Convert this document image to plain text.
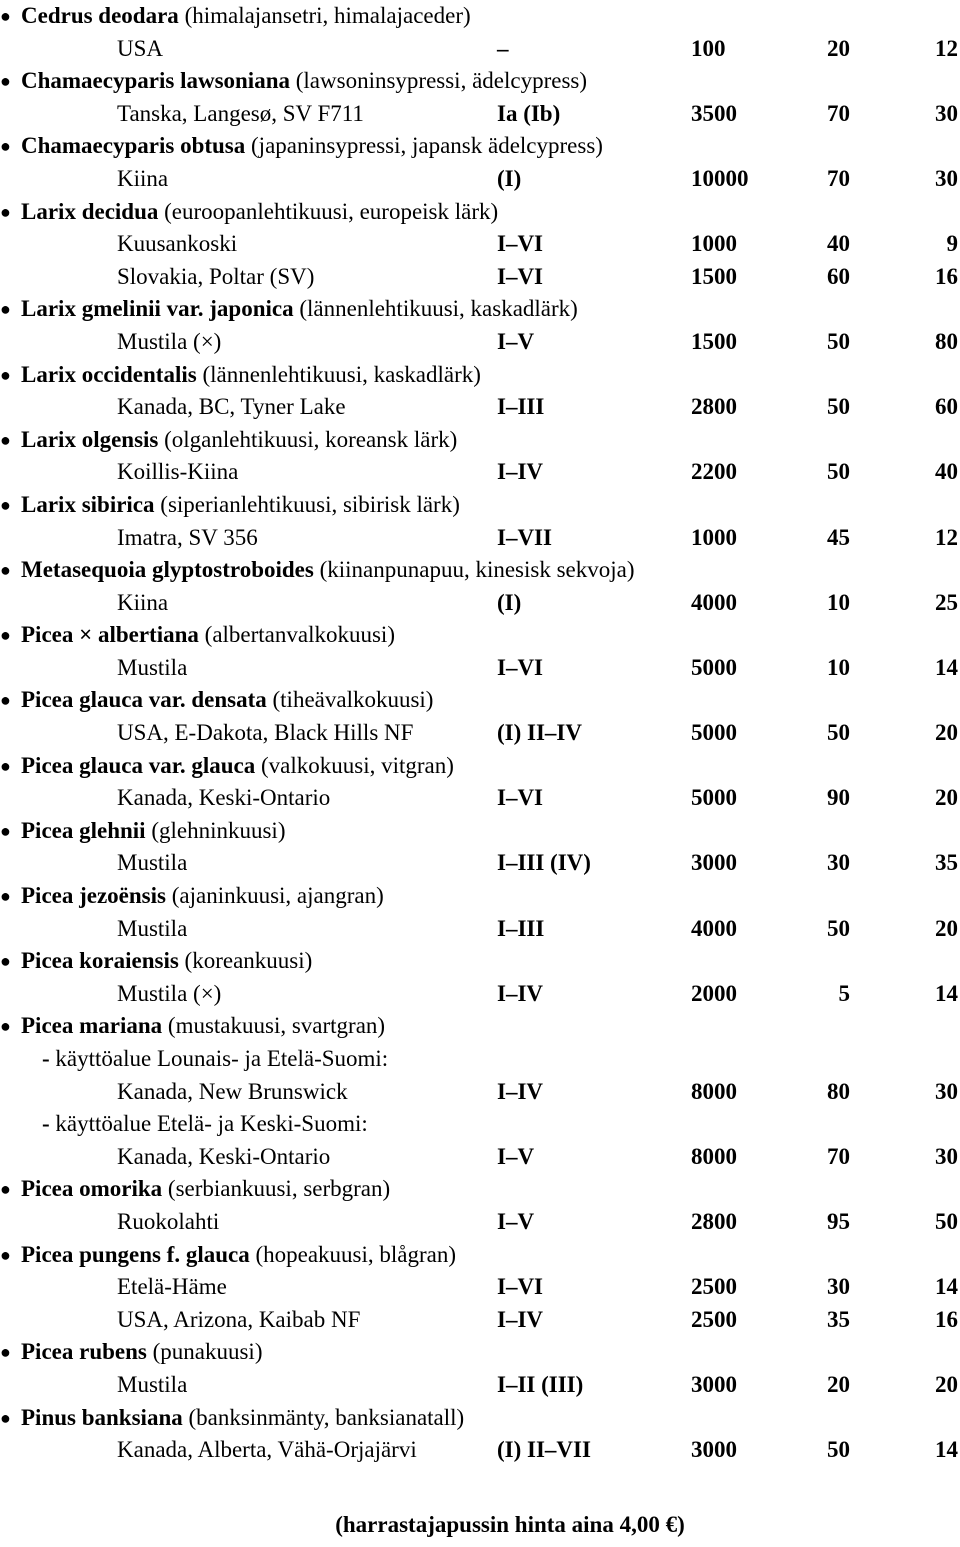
● Cedrus deodara (himalajansetri, himalajaceder)
USA	–	100	20	12
● Chamaecyparis lawsoniana (lawsoninsypressi, ädelcypress)
Tanska, Langesø, SV F711	Ia (Ib)	3500	70	30
● Chamaecyparis obtusa (japaninsypressi, japansk ädelcypress)
Kiina	(I)	10000	70	30
● Larix decidua (euroopanlehtikuusi, europeisk lärk)
Kuusankoski	I–VI	1000	40	9
Slovakia, Poltar (SV)	I–VI	1500	60	16
● Larix gmelinii var. japonica (lännenlehtikuusi, kaskadlärk)
Mustila (×)	I–V	1500	50	80
● Larix occidentalis (lännenlehtikuusi, kaskadlärk)
Kanada, BC, Tyner Lake	I–III	2800	50	60
● Larix olgensis (olganlehtikuusi, koreansk lärk)
Koillis-Kiina	I–IV	2200	50	40
● Larix sibirica (siperianlehtikuusi, sibirisk lärk)
Imatra, SV 356	I–VII	1000	45	12
● Metasequoia glyptostroboides (kiinanpunapuu, kinesisk sekvoja)
Kiina	(I)	4000	10	25
● Picea × albertiana (albertanvalkokuusi)
Mustila	I–VI	5000	10	14
● Picea glauca var. densata (tiheävalkokuusi)
USA, E-Dakota, Black Hills NF	(I) II–IV	5000	50	20
● Picea glauca var. glauca (valkokuusi, vitgran)
Kanada, Keski-Ontario	I–VI	5000	90	20
● Picea glehnii (glehninkuusi)
Mustila	I–III (IV)	3000	30	35
● Picea jezoënsis (ajaninkuusi, ajangran)
Mustila	I–III	4000	50	20
● Picea koraiensis (koreankuusi)
Mustila (×)	I–IV	2000	5	14
● Picea mariana (mustakuusi, svartgran)
- käyttöalue Lounais- ja Etelä-Suomi:
Kanada, New Brunswick	I–IV	8000	80	30
- käyttöalue Etelä- ja Keski-Suomi:
Kanada, Keski-Ontario	I–V	8000	70	30
● Picea omorika (serbiankuusi, serbgran)
Ruokolahti	I–V	2800	95	50
● Picea pungens f. glauca (hopeakuusi, blågran)
Etelä-Häme	I–VI	2500	30	14
USA, Arizona, Kaibab NF	I–IV	2500	35	16
● Picea rubens (punakuusi)
Mustila	I–II (III)	3000	20	20
● Pinus banksiana (banksinmänty, banksianatall)
Kanada, Alberta, Vähä-Orjajärvi	(I) II–VII	3000	50	14
(harrastajapussin hinta aina 4,00 €)
